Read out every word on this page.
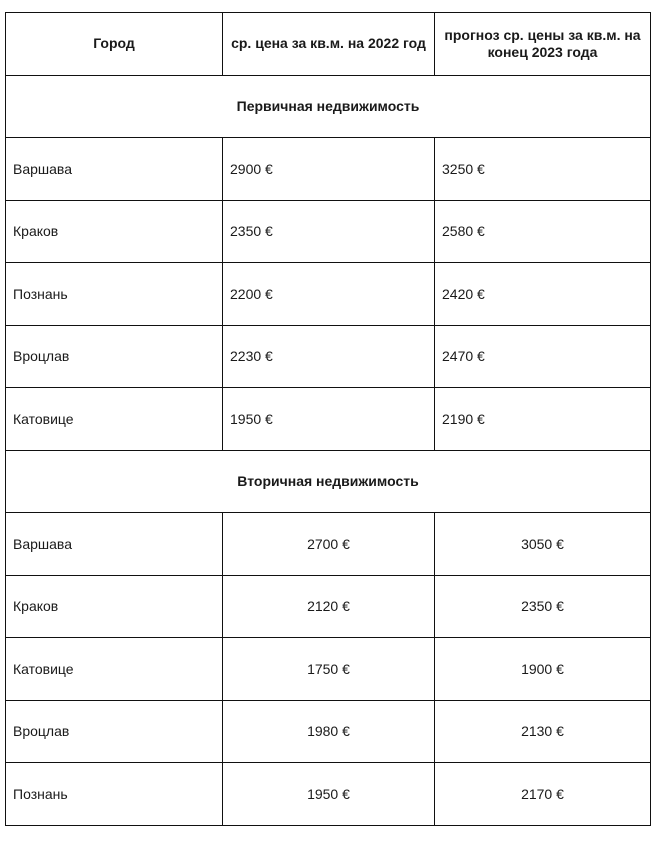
Город	ср. цена за кв.м. на 2022 год	прогноз ср. цены за кв.м. на конец 2023 года
Первичная недвижимость		
Варшава	2900 €	3250 €
Краков	2350 €	2580 €
Познань	2200 €	2420 €
Вроцлав	2230 €	2470 €
Катовице	1950 €	2190 €
Вторичная недвижимость		
Варшава	2700 €	3050 €
Краков	2120 €	2350 €
Катовице	1750 €	1900 €
Вроцлав	1980 €	2130 €
Познань	1950 €	2170 €
